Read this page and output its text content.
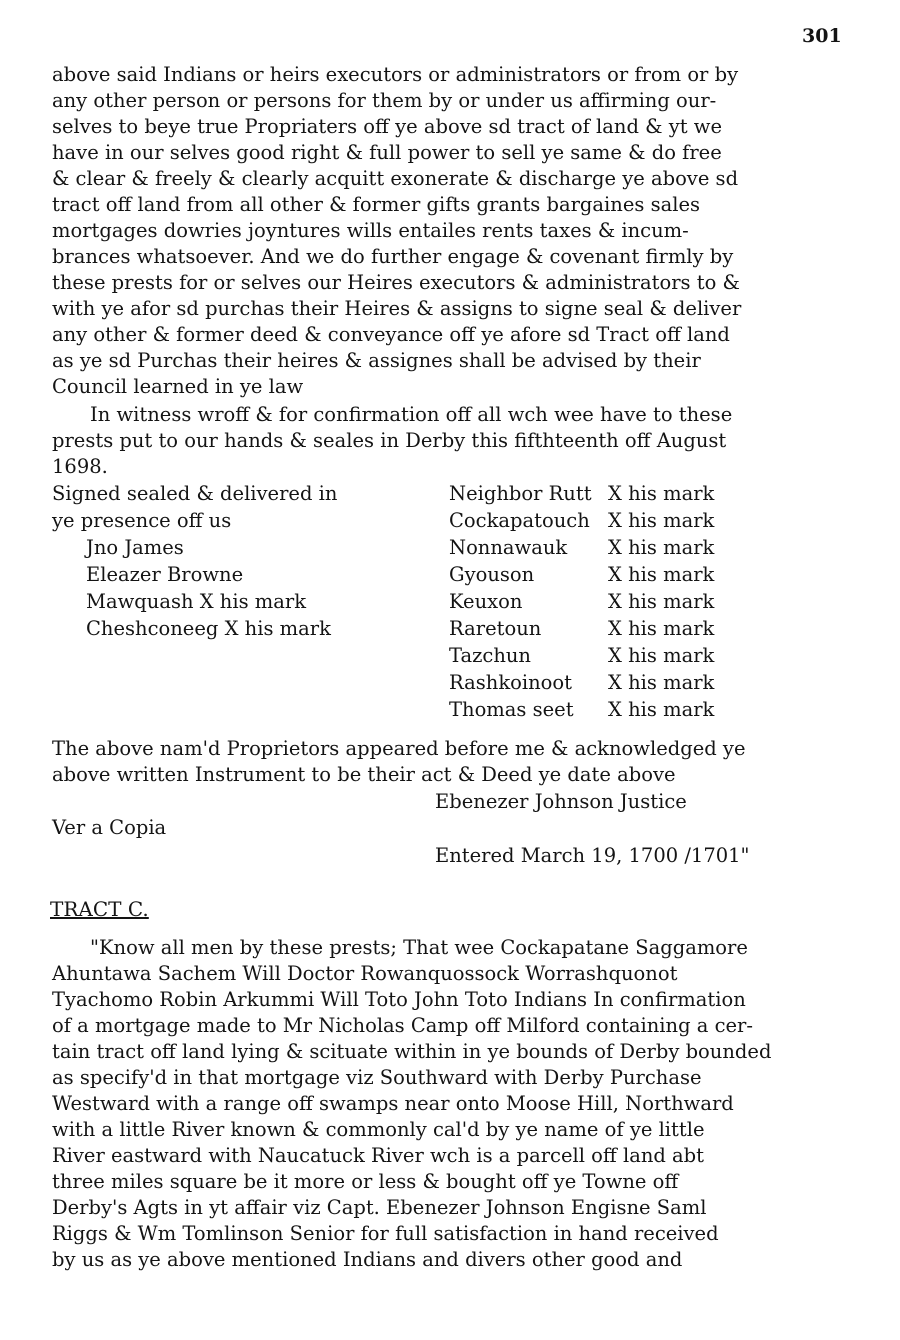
301
above said Indians or heirs executors or administrators or from or by
any other person or persons for them by or under us affirming our-
selves to beye true Propriaters off ye above sd tract of land & yt we
have in our selves good right & full power to sell ye same & do free
& clear & freely & clearly acquitt exonerate & discharge ye above sd
tract off land from all other & former gifts grants bargaines sales
mortgages dowries joyntures wills entailes rents taxes & incum-
brances whatsoever. And we do further engage & covenant firmly by
these prests for or selves our Heires executors & administrators to &
with ye afor sd purchas their Heires & assigns to signe seal & deliver
any other & former deed & conveyance off ye afore sd Tract off land
as ye sd Purchas their heires & assignes shall be advised by their
Council learned in ye law
In witness wroff & for confirmation off all wch wee have to these
prests put to our hands & seales in Derby this fifthteenth off August
1698.
Signed sealed & delivered in
ye presence off us
Jno James
Eleazer Browne
Mawquash X his mark
Cheshconeeg X his mark
Neighbor Rutt X his mark
Cockapatouch X his mark
Nonnawauk X his mark
Gyouson	X his mark
Keuxon	X his mark
Raretoun	X his mark
Tazchun	X his mark
Rashkoinoot X his mark
Thomas seet X his mark
The above nam'd Proprietors appeared before me & acknowledged ye
above written Instrument to be their act & Deed ye date above
Ebenezer Johnson Justice
Ver a Copia
Entered March 19, 1700 /1701"
TRACT C.
"Know all men by these prests; That wee Cockapatane Saggamore
Ahuntawa Sachem Will Doctor Rowanquossock Worrashquonot
Tyachomo Robin Arkummi Will Toto John Toto Indians In confirmation
of a mortgage made to Mr Nicholas Camp off Milford containing a cer-
tain tract off land lying & scituate within in ye bounds of Derby bounded
as specify'd in that mortgage viz Southward with Derby Purchase
Westward with a range off swamps near onto Moose Hill, Northward
with a little River known & commonly cal'd by ye name of ye little
River eastward with Naucatuck River wch is a parcell off land abt
three miles square be it more or less & bought off ye Towne off
Derby's Agts in yt affair viz Capt. Ebenezer Johnson Engisne Saml
Riggs & Wm Tomlinson Senior for full satisfaction in hand received
by us as ye above mentioned Indians and divers other good and
